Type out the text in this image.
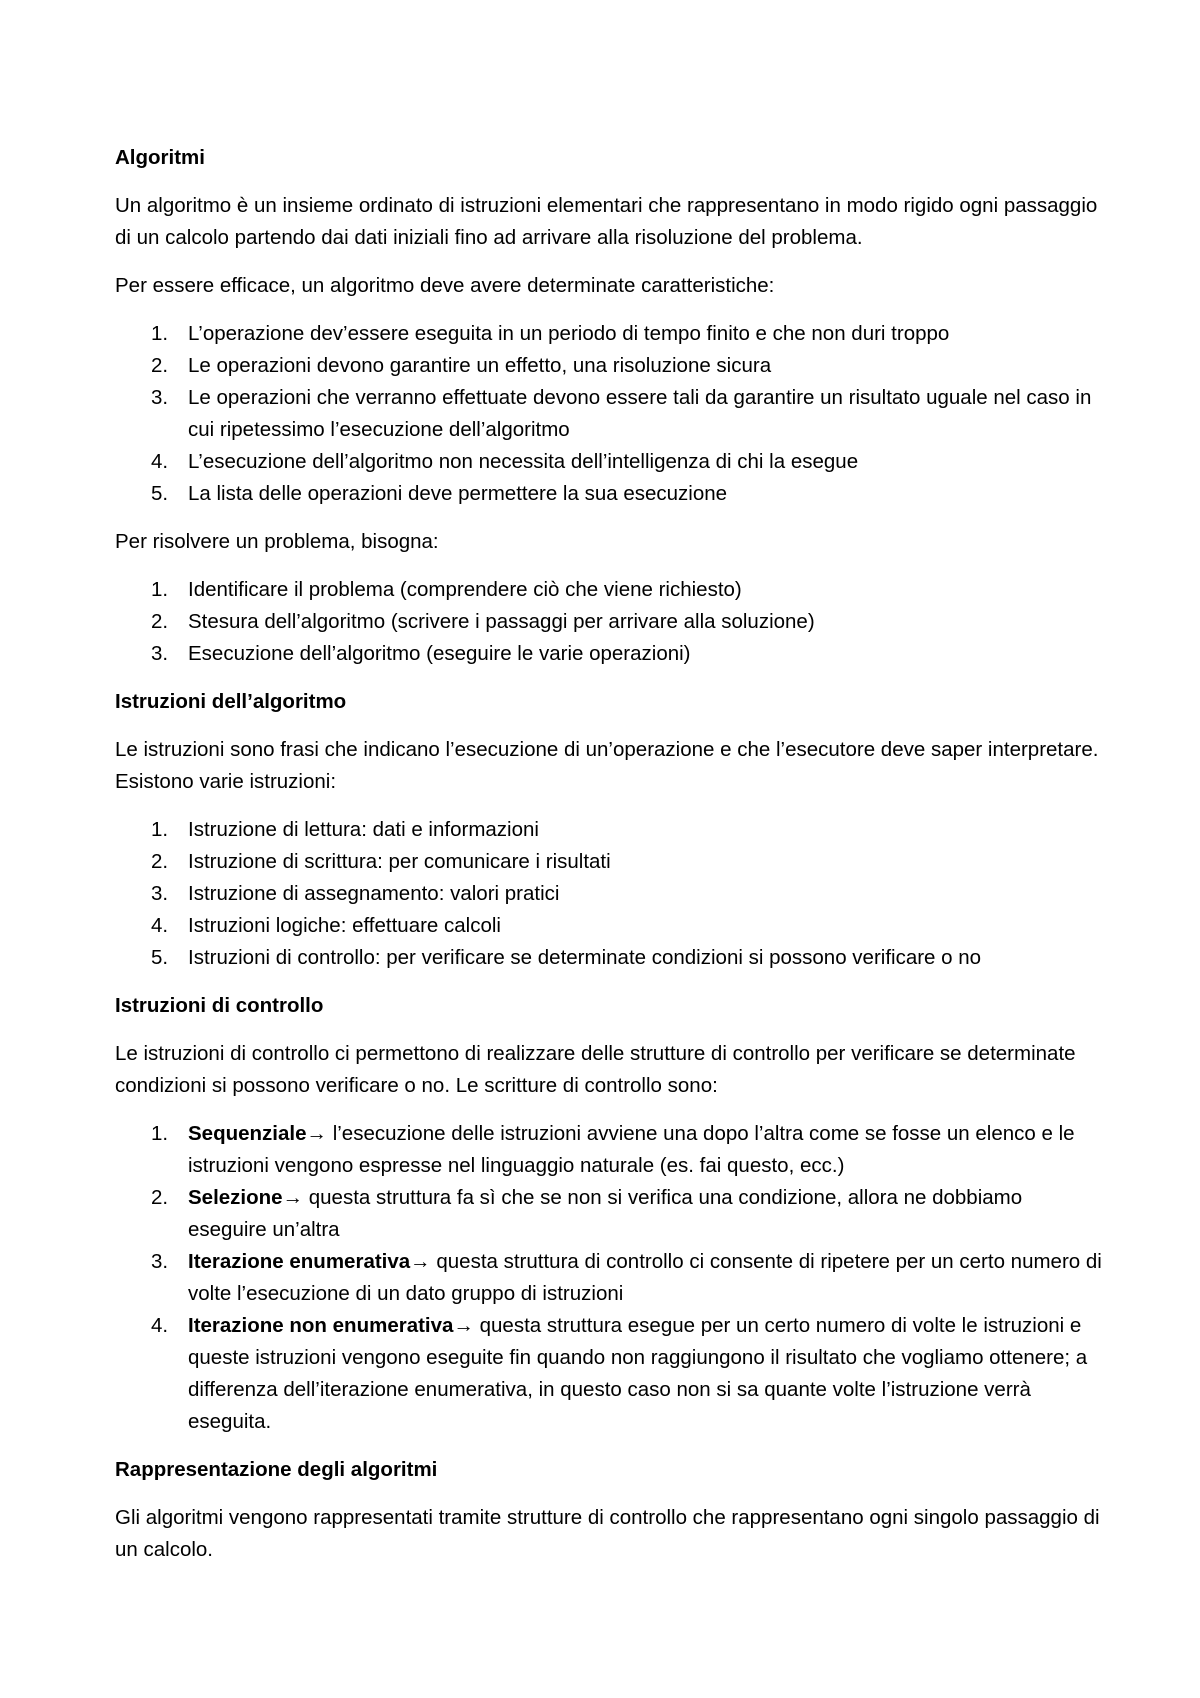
Algoritmi
Un algoritmo è un insieme ordinato di istruzioni elementari che rappresentano in modo rigido ogni passaggio di un calcolo partendo dai dati iniziali fino ad arrivare alla risoluzione del problema.
Per essere efficace, un algoritmo deve avere determinate caratteristiche:
1. L’operazione dev’essere eseguita in un periodo di tempo finito e che non duri troppo
2. Le operazioni devono garantire un effetto, una risoluzione sicura
3. Le operazioni che verranno effettuate devono essere tali da garantire un risultato uguale nel caso in cui ripetessimo l’esecuzione dell’algoritmo
4. L’esecuzione dell’algoritmo non necessita dell’intelligenza di chi la esegue
5. La lista delle operazioni deve permettere la sua esecuzione
Per risolvere un problema, bisogna:
1. Identificare il problema (comprendere ciò che viene richiesto)
2. Stesura dell’algoritmo (scrivere i passaggi per arrivare alla soluzione)
3. Esecuzione dell’algoritmo (eseguire le varie operazioni)
Istruzioni dell’algoritmo
Le istruzioni sono frasi che indicano l’esecuzione di un’operazione e che l’esecutore deve saper interpretare. Esistono varie istruzioni:
1. Istruzione di lettura: dati e informazioni
2. Istruzione di scrittura: per comunicare i risultati
3. Istruzione di assegnamento: valori pratici
4. Istruzioni logiche: effettuare calcoli
5. Istruzioni di controllo: per verificare se determinate condizioni si possono verificare o no
Istruzioni di controllo
Le istruzioni di controllo ci permettono di realizzare delle strutture di controllo per verificare se determinate condizioni si possono verificare o no. Le scritture di controllo sono:
1. Sequenziale→ l’esecuzione delle istruzioni avviene una dopo l’altra come se fosse un elenco e le istruzioni vengono espresse nel linguaggio naturale (es. fai questo, ecc.)
2. Selezione→ questa struttura fa sì che se non si verifica una condizione, allora ne dobbiamo eseguire un’altra
3. Iterazione enumerativa→ questa struttura di controllo ci consente di ripetere per un certo numero di volte l’esecuzione di un dato gruppo di istruzioni
4. Iterazione non enumerativa→ questa struttura esegue per un certo numero di volte le istruzioni e queste istruzioni vengono eseguite fin quando non raggiungono il risultato che vogliamo ottenere; a differenza dell’iterazione enumerativa, in questo caso non si sa quante volte l’istruzione verrà eseguita.
Rappresentazione degli algoritmi
Gli algoritmi vengono rappresentati tramite strutture di controllo che rappresentano ogni singolo passaggio di un calcolo.
